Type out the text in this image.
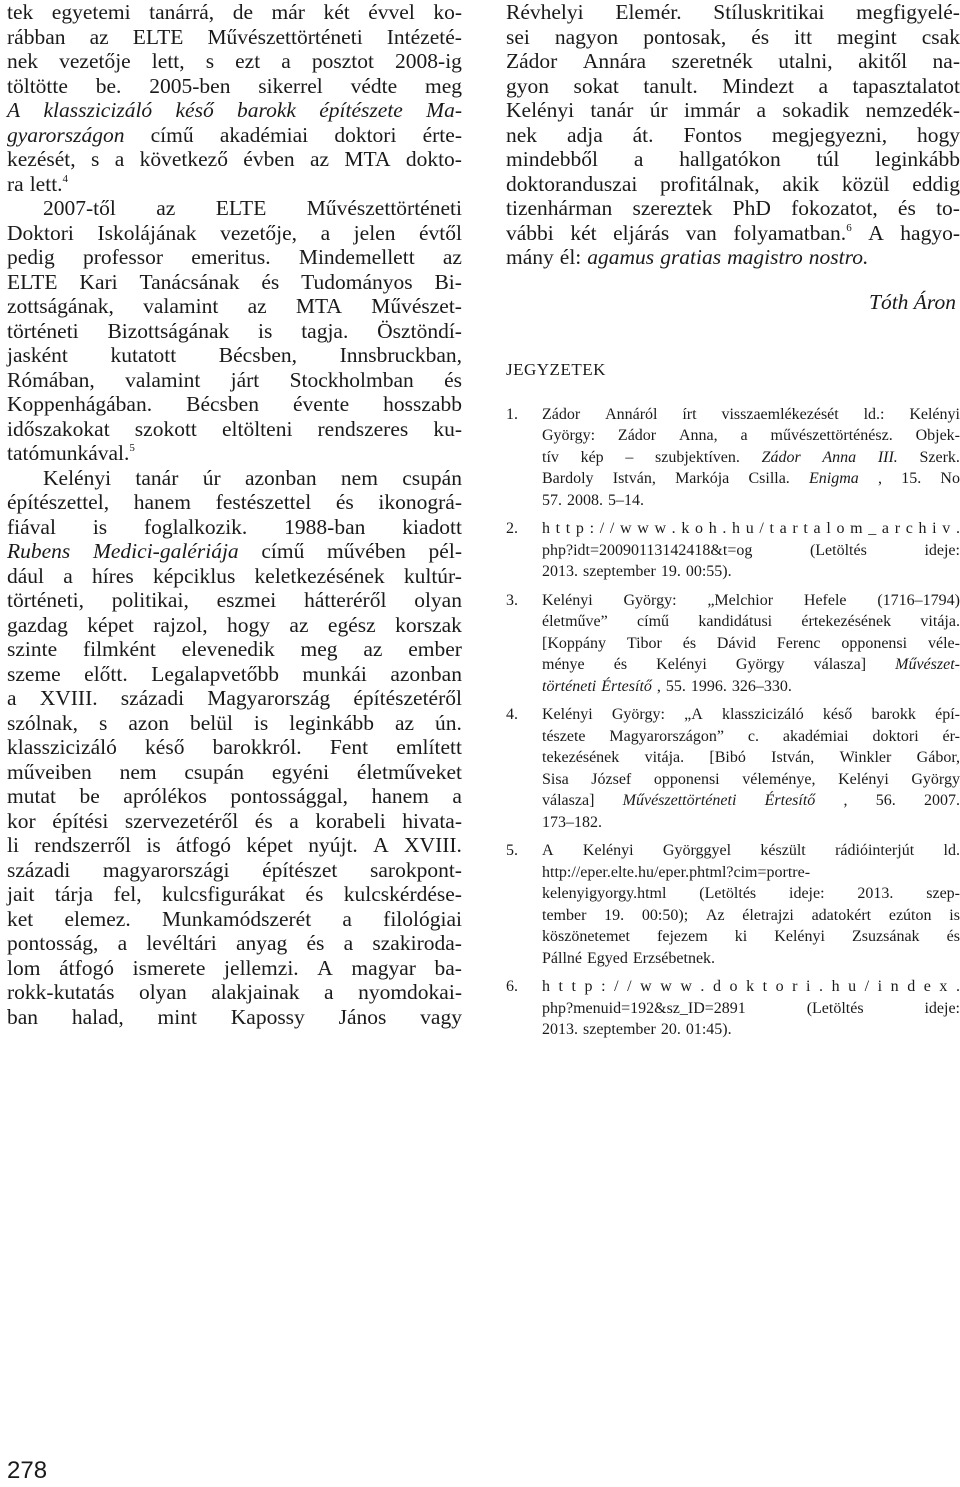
tek egyetemi tanárrá, de már két évvel ko-
rábban az ELTE Művészettörténeti Intézeté-
nek vezetője lett, s ezt a posztot 2008-ig
töltötte be. 2005-ben sikerrel védte meg
A klasszicizáló késő barokk építészete Ma-
gyarországon című akadémiai doktori érte-
kezését, s a következő évben az MTA dokto-
ra lett.$^4$
2007-től az ELTE Művészettörténeti
Doktori Iskolájának vezetője, a jelen évtől
pedig professor emeritus. Mindemellett az
ELTE Kari Tanácsának és Tudományos Bi-
zottságának, valamint az MTA Művészet-
történeti Bizottságának is tagja. Ösztöndí-
jasként kutatott Bécsben, Innsbruckban,
Rómában, valamint járt Stockholmban és
Koppenhágában. Bécsben évente hosszabb
időszakokat szokott eltölteni rendszeres ku-
tatómunkával.$^5$
Kelényi tanár úr azonban nem csupán
építészettel, hanem festészettel és ikonográ-
fiával is foglalkozik. 1988-ban kiadott
Rubens Medici-galériája című művében pél-
dául a híres képciklus keletkezésének kultúr-
történeti, politikai, eszmei hátteréről olyan
gazdag képet rajzol, hogy az egész korszak
szinte filmként elevenedik meg az ember
szeme előtt. Legalapvetőbb munkái azonban
a XVIII. századi Magyarország építészetéről
szólnak, s azon belül is leginkább az ún.
klasszicizáló késő barokkról. Fent említett
műveiben nem csupán egyéni életműveket
mutat be aprólékos pontossággal, hanem a
kor építési szervezetéről és a korabeli hivata-
li rendszerről is átfogó képet nyújt. A XVIII.
századi magyarországi építészet sarokpont-
jait tárja fel, kulcsfigurákat és kulcskérdése-
ket elemez. Munkamódszerét a filológiai
pontosság, a levéltári anyag és a szakiroda-
lom átfogó ismerete jellemzi. A magyar ba-
rokk-kutatás olyan alakjainak a nyomdokai-
ban halad, mint Kapossy János vagy
Révhelyi Elemér. Stíluskritikai megfigyelé-
sei nagyon pontosak, és itt megint csak
Zádor Annára szeretnék utalni, akitől na-
gyon sokat tanult. Mindezt a tapasztalatot
Kelényi tanár úr immár a sokadik nemzedék-
nek adja át. Fontos megjegyezni, hogy
mindebből a hallgatókon túl leginkább
doktoranduszai profitálnak, akik közül eddig
tizenhárman szereztek PhD fokozatot, és to-
vábbi két eljárás van folyamatban.$^6$ A hagyo-
mány él: agamus gratias magistro nostro.
Tóth Áron
JEGYZETEK
1.	Zádor Annáról írt visszaemlékezését ld.: Kelényi
György: Zádor Anna, a művészettörténész. Objek-
tív kép – szubjektíven. Zádor Anna III. Szerk.
Bardoly István, Markója Csilla. Enigma , 15. No
57. 2008. 5–14.
2.	h t t p : / / w w w . k o h . h u / t a r t a l o m _ a r c h i v .
php?idt=20090113142418&t=og	(Letöltés	ideje:
2013. szeptember 19. 00:55).
3.	Kelényi György: „Melchior Hefele (1716–1794)
életműve” című kandidátusi értekezésének vitája.
[Koppány Tibor és Dávid Ferenc opponensi véle-
ménye és Kelényi György válasza] Művészet-
történeti Értesítő , 55. 1996. 326–330.
4.	Kelényi György: „A klasszicizáló késő barokk épí-
tészete Magyarországon” c. akadémiai doktori ér-
tekezésének vitája. [Bibó István, Winkler Gábor,
Sisa József opponensi véleménye, Kelényi György
válasza] Művészettörténeti Értesítő , 56. 2007.
173–182.
5.	A Kelényi Györggyel készült rádióinterjút ld.
http://eper.elte.hu/eper.phtml?cim=portre-
kelenyigyorgy.html (Letöltés ideje: 2013. szep-
tember 19. 00:50); Az életrajzi adatokért ezúton is
köszönetemet fejezem ki Kelényi Zsuzsának és
Pállné Egyed Erzsébetnek.
6.	h t t p : / / w w w . d o k t o r i . h u / i n d e x .
php?menuid=192&sz_ID=2891	(Letöltés	ideje:
2013. szeptember 20. 01:45).
278
